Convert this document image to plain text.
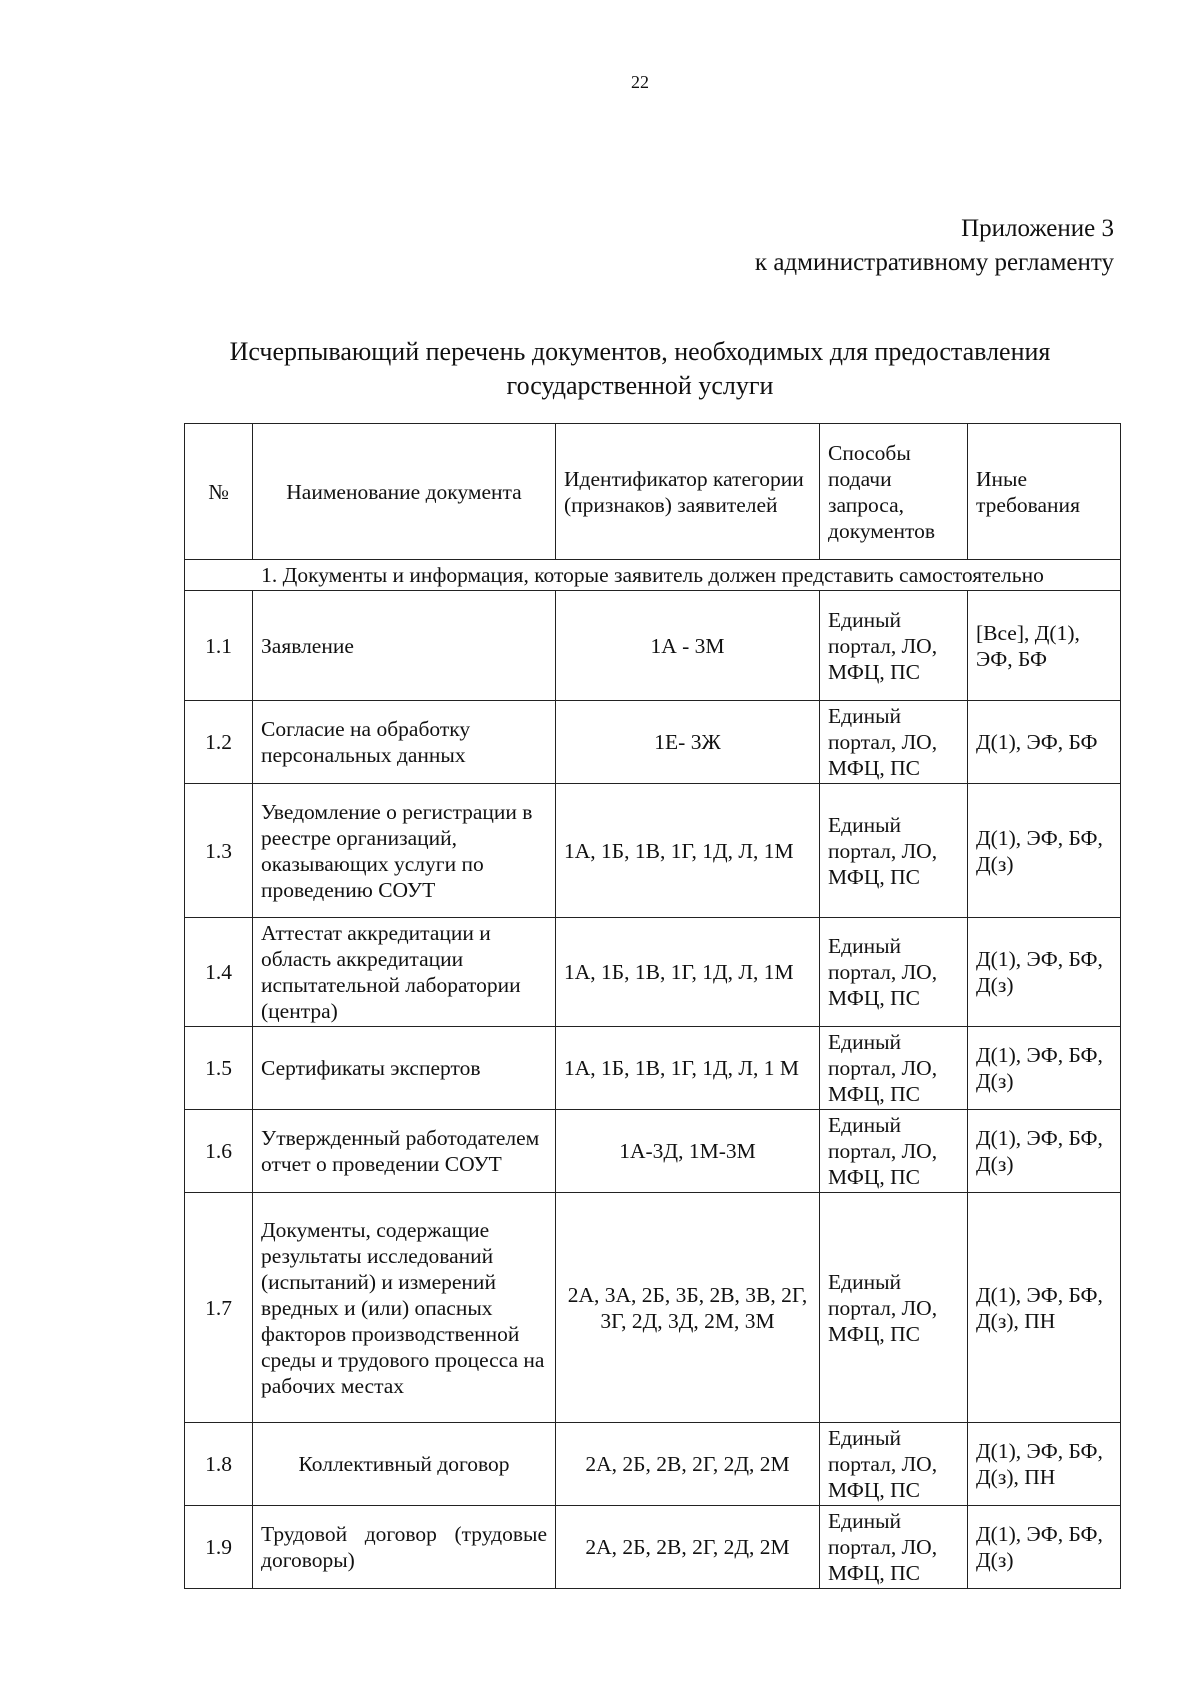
22
Приложение 3
к административному регламенту
Исчерпывающий перечень документов, необходимых для предоставления
государственной услуги
№	Наименование документа	Идентификатор категории (признаков) заявителей	Способы подачи запроса, документов	Иные требования
1. Документы и информация, которые заявитель должен представить самостоятельно				
1.1	Заявление	1А - 3М	Единый портал, ЛО, МФЦ, ПС	[Все], Д(1), ЭФ, БФ
1.2	Согласие на обработку персональных данных	1Е- 3Ж	Единый портал, ЛО, МФЦ, ПС	Д(1), ЭФ, БФ
1.3	Уведомление о регистрации в реестре организаций, оказывающих услуги по проведению СОУТ	1А, 1Б, 1В, 1Г, 1Д, Л, 1М	Единый портал, ЛО, МФЦ, ПС	Д(1), ЭФ, БФ, Д(з)
1.4	Аттестат аккредитации и область аккредитации испытательной лаборатории (центра)	1А, 1Б, 1В, 1Г, 1Д, Л, 1М	Единый портал, ЛО, МФЦ, ПС	Д(1), ЭФ, БФ, Д(з)
1.5	Сертификаты экспертов	1А, 1Б, 1В, 1Г, 1Д, Л, 1 М	Единый портал, ЛО, МФЦ, ПС	Д(1), ЭФ, БФ, Д(з)
1.6	Утвержденный работодателем отчет о проведении СОУТ	1А-3Д, 1М-3М	Единый портал, ЛО, МФЦ, ПС	Д(1), ЭФ, БФ, Д(з)
1.7	Документы, содержащие результаты исследований (испытаний) и измерений вредных и (или) опасных факторов производственной среды и трудового процесса на рабочих местах	2А, 3А, 2Б, 3Б, 2В, 3В, 2Г, 3Г, 2Д, 3Д, 2М, 3М	Единый портал, ЛО, МФЦ, ПС	Д(1), ЭФ, БФ, Д(з), ПН
1.8	Коллективный договор	2А, 2Б, 2В, 2Г, 2Д, 2М	Единый портал, ЛО, МФЦ, ПС	Д(1), ЭФ, БФ, Д(з), ПН
1.9	Трудовой договор (трудовые договоры)	2А, 2Б, 2В, 2Г, 2Д, 2М	Единый портал, ЛО, МФЦ, ПС	Д(1), ЭФ, БФ, Д(з)
